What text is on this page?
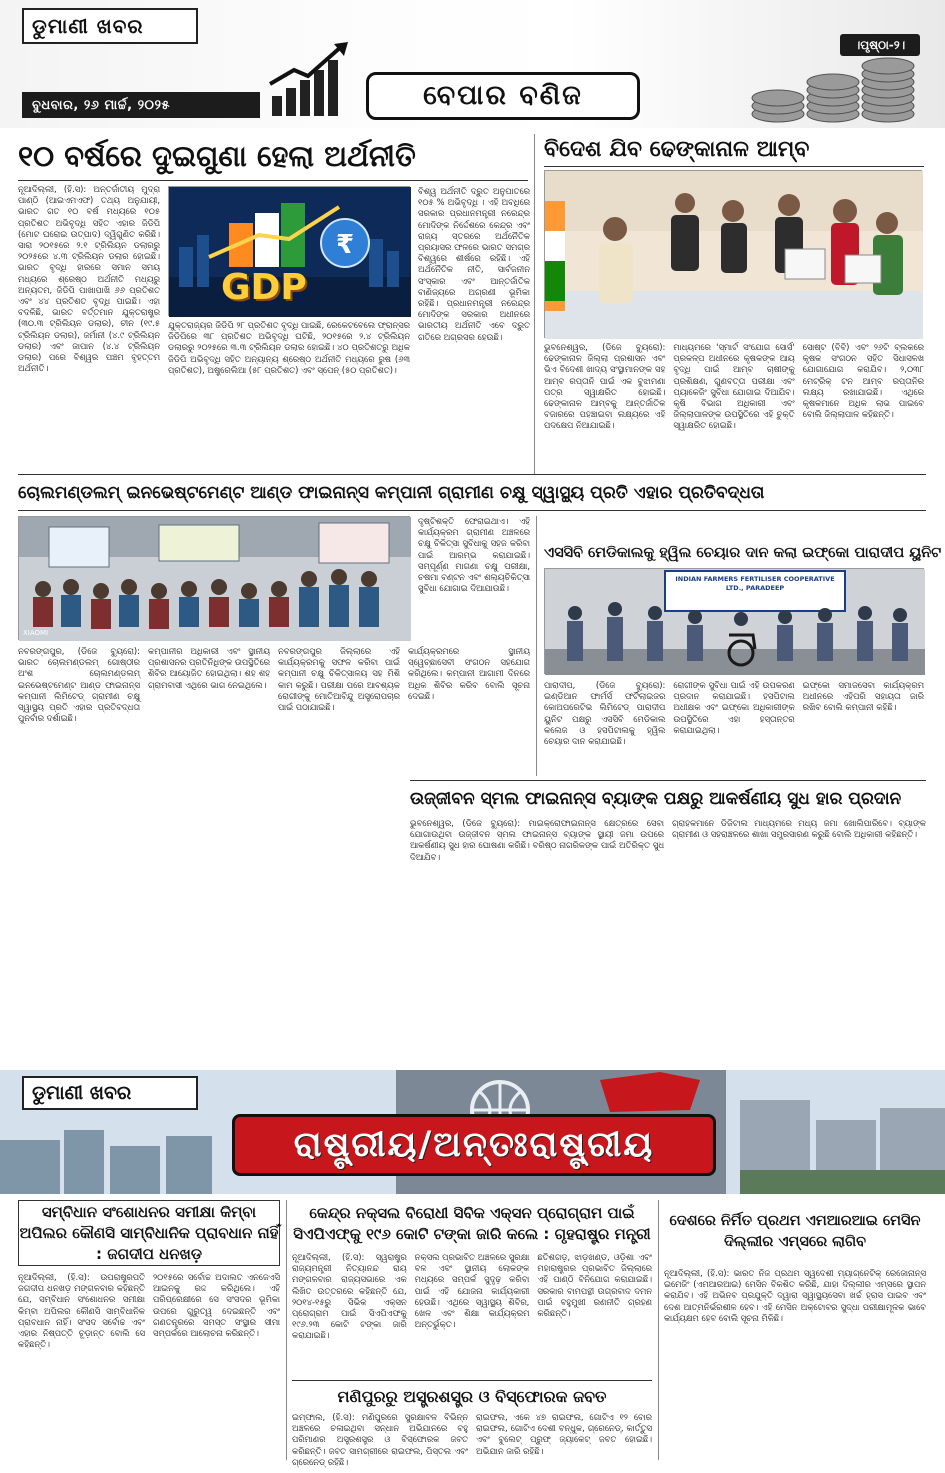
ଡୁମାଣୀ ଖବର
ବୁଧବାର, ୨୬ ମାର୍ଚ୍ଚ, ୨୦୨୫	ବେପାର ବଣିଜ
।ପୃଷ୍ଠା-୨।
୧୦ ବର୍ଷରେ ଦୁଇଗୁଣା ହେଲା ଅର୍ଥନୀତି
ନୂଆଦିଲ୍ଲୀ, (ହି.ସ): ଅନ୍ତର୍ଜାତୀୟ ମୁଦ୍ରା ପାଣ୍ଠି (ଆଇଏମଏଫ) ତଥ୍ୟ ଅନୁଯାୟୀ, ଭାରତ ଗତ ୧୦ ବର୍ଷ ମଧ୍ୟରେ ୧୦୫ ପ୍ରତିଶତ ଅଭିବୃଦ୍ଧି ସହିତ ଏହାର ଜିଡିପି (ମୋଟ ଘରୋଇ ଉତ୍ପାଦ) ଦ୍ୱିଗୁଣିତ କରିଛି। ସାରା ୨୦୧୫ରେ ୨.୧ ଟ୍ରିଲିୟନ ଡଲାରରୁ ୨୦୨୫ରେ ୪.୩ ଟ୍ରିଲିୟନ ଡଲାର ହୋଇଛି। ଭାରତ ବୃଦ୍ଧି ହାରରେ ସମାନ ସମୟ ମଧ୍ୟରେ ଶ୍ରେଷ୍ଠ ଅର୍ଥନୀତି ମଧ୍ୟରୁ ଅନ୍ୟତମ, ଜିଡିପି ପାଖାପାଖି ୬୬ ପ୍ରତିଶତ ଏବଂ ୪୪ ପ୍ରତିଶତ ବୃଦ୍ଧି ପାଇଛି। ଏହା ବଦଳିଛି, ଭାରତ ବର୍ତ୍ତମାନ ଯୁକ୍ତରାଷ୍ଟ୍ର (୩୦.୩ ଟ୍ରିଲିୟନ ଡଲାର), ଚୀନ (୧୯.୫ ଟ୍ରିଲିୟନ ଡଲାର), ଜର୍ମାନୀ (୪.୯ ଟ୍ରିଲିୟନ ଡଲାର) ଏବଂ ଜାପାନ (୪.୪ ଟ୍ରିଲିୟନ ଡଲାର) ପରେ ବିଶ୍ୱର ପଞ୍ଚମ ବୃହତ୍ତମ ଅର୍ଥନୀତି।
₹
GDP
ଯୁକ୍ତରାଜ୍ୟର ଜିଡିପି ୨୮ ପ୍ରତିଶତ ବୃଦ୍ଧି ପାଇଛି, ରେକେଟବେଲେ ଫ୍ରାନ୍ସର ଜିଡିପିରେ ୩୮ ପ୍ରତିଶତ ଅଭିବୃଦ୍ଧି ଘଟିଛି, ୨୦୧୫ରେ ୨.୪ ଟ୍ରିଲିୟନ ଡଲାରରୁ ୨୦୨୫ରେ ୩.୩ ଟ୍ରିଲିୟନ ଡଲାର ହୋଇଛି। ୪୦ ପ୍ରତିଶତରୁ ଅଧିକ ଜିଡିପି ଅଭିବୃଦ୍ଧି ସହିତ ଅନ୍ୟାନ୍ୟ ଶ୍ରେଷ୍ଠ ଅର୍ଥନୀତି ମଧ୍ୟରେ ରୁଷ (୬୩ ପ୍ରତିଶତ), ଅଷ୍ଟ୍ରେଲିଆ (୫୮ ପ୍ରତିଶତ) ଏବଂ ସ୍ପେନ୍ (୫୦ ପ୍ରତିଶତ)।
ବିଶ୍ୱ ଅର୍ଥନୀତି ଦ୍ରୁତ ଅନୁପାତରେ ୧୦୫ % ଅଭିବୃଦ୍ଧି । ଏହି ଅବଧିରେ ସରକାର ପ୍ରଧାନମନ୍ତ୍ରୀ ନରେନ୍ଦ୍ର ମୋଦିଙ୍କ ନିର୍ଦ୍ଦେଶରେ କେନ୍ଦ୍ର ଏବଂ ରାଜ୍ୟ ସ୍ତରରେ ଅର୍ଥନୈତିକ ପ୍ରୟାସର ଫଳରେ ଭାରତ ସମଗ୍ର ବିଶ୍ୱରେ ଶୀର୍ଷରେ ରହିଛି। ଏହି ଅର୍ଥନୈତିକ ନୀତି, ସାର୍ବଜନୀନ ସଂସ୍କାର ଏବଂ ଆନ୍ତର୍ଜାତିକ ବାଣିଜ୍ୟରେ ଅଗ୍ରଣୀ ଭୂମିକା ରହିଛି। ପ୍ରଧାନମନ୍ତ୍ରୀ ନରେନ୍ଦ୍ର ମୋଦିଙ୍କ ସରକାର ଅଧୀନରେ ଭାରତୀୟ ଅର୍ଥନୀତି ଏବେ ଦ୍ରୁତ ଗତିରେ ଅଗ୍ରସର ହେଉଛି।
ବିଦେଶ ଯିବ ଢେଙ୍କାନାଳ ଆମ୍ବ
ଭୁବନେଶ୍ୱର, (ଡିଜେ ବ୍ୟୁରୋ): ଢେଙ୍କାନାଳ ଜିଲ୍ଲା ପ୍ରଶାସନ ଏବଂ ଭିଏ ବିଦେଶୀ ଖାଦ୍ୟ ସଂସ୍ଥାମାନଙ୍କ ସହ ଆମ୍ବ ରପ୍ତାନି ପାଇଁ ଏକ ବୁଝାମଣା ପତ୍ର ସ୍ୱାକ୍ଷରିତ ହୋଇଛି। ଢେଙ୍କାନାଳ ଆମ୍ବକୁ ଆନ୍ତର୍ଜାତିକ ବଜାରରେ ପହଞ୍ଚାଇବା ଲକ୍ଷ୍ୟରେ ଏହି ପଦକ୍ଷେପ ନିଆଯାଇଛି।
ମାଧ୍ୟମରେ 'ସ୍ମାର୍ଟ ସଂଯୋଗ ସୋର୍ସ' ପ୍ରକଳ୍ପ ଅଧୀନରେ କୃଷକଙ୍କ ଆୟ ବୃଦ୍ଧି ପାଇଁ ଆମ୍ବ ଚାଷୀଙ୍କୁ ପ୍ରଶିକ୍ଷଣ, ଗୁଣବତ୍ତା ପରୀକ୍ଷା ଏବଂ ପ୍ୟାକେଜିଂ ସୁବିଧା ଯୋଗାଇ ଦିଆଯିବ। କୃଷି ବିଭାଗ ଅଧିକାରୀ ଏବଂ ଜିଲ୍ଲାପାଳଙ୍କ ଉପସ୍ଥିତିରେ ଏହି ଚୁକ୍ତି ସ୍ୱାକ୍ଷରିତ ହୋଇଛି।
ସୋଷ୍ଟ (ବିବି) ଏବଂ ୨୬ଟି ବ୍ଲକରେ କୃଷକ ସଂଗଠନ ସହିତ ସିଧାସଳଖ ଯୋଗାଯୋଗ କରାଯିବ। ୨,୦୩୮ ମେଟ୍ରିକ୍ ଟନ ଆମ୍ବ ରପ୍ତାନିର ଲକ୍ଷ୍ୟ ରଖାଯାଇଛି। ଏଥିରେ କୃଷକମାନେ ଅଧିକ ଲାଭ ପାଇବେ ବୋଲି ଜିଲ୍ଲାପାଳ କହିଛନ୍ତି।
ଚୋଲମଣ୍ଡଲମ୍ ଇନଭେଷ୍ଟମେଣ୍ଟ ଆଣ୍ଡ ଫାଇନାନ୍ସ କମ୍ପାନୀ ଗ୍ରାମୀଣ ଚକ୍ଷୁ ସ୍ୱାସ୍ଥ୍ୟ ପ୍ରତି ଏହାର ପ୍ରତିବଦ୍ଧତା
XIAOMI
ଦୃଷ୍ଟିଶକ୍ତି ଫେରାଇଥାଏ। ଏହି କାର୍ଯ୍ୟକ୍ରମ ଗ୍ରାମୀଣ ଅଞ୍ଚଳରେ ଚକ୍ଷୁ ଚିକିତ୍ସା ସୁବିଧାକୁ ସହଜ କରିବା ପାଇଁ ଆରମ୍ଭ କରାଯାଇଛି। ସମ୍ପୂର୍ଣ୍ଣ ମାଗଣା ଚକ୍ଷୁ ପରୀକ୍ଷା, ଚଷମା ବଣ୍ଟନ ଏବଂ ଶଲ୍ୟଚିକିତ୍ସା ସୁବିଧା ଯୋଗାଇ ଦିଆଯାଉଛି।
ନବରଙ୍ଗପୁର, (ଡିଜେ ବ୍ୟୁରୋ): ଭାରତ ଚୋଲମଣ୍ଡଲମ୍ ଗୋଷ୍ଠୀର ଅଂଶ ଚୋଲମଣ୍ଡଲମ୍ ଇନଭେଷ୍ଟମେଣ୍ଟ ଆଣ୍ଡ ଫାଇନାନ୍ସ କମ୍ପାନୀ ଲିମିଟେଡ୍ ଗ୍ରାମୀଣ ଚକ୍ଷୁ ସ୍ୱାସ୍ଥ୍ୟ ପ୍ରତି ଏହାର ପ୍ରତିବଦ୍ଧତା ପୁନର୍ବାର ଦର୍ଶାଇଛି।
କମ୍ପାନୀର ଅଧିକାରୀ ଏବଂ ସ୍ଥାନୀୟ ପ୍ରଶାସନର ପ୍ରତିନିଧିଙ୍କ ଉପସ୍ଥିତିରେ ଶିବିର ଆୟୋଜିତ ହୋଇଥିଲା। ଶହ ଶହ ଗ୍ରାମବାସୀ ଏଥିରେ ଭାଗ ନେଇଥିଲେ।
ନବରଙ୍ଗପୁର ଜିଲ୍ଲାରେ ଏହି କାର୍ଯ୍ୟକ୍ରମକୁ ସଫଳ କରିବା ପାଇଁ କମ୍ପାନୀ ଚକ୍ଷୁ ଚିକିତ୍ସାଳୟ ସହ ମିଶି କାମ କରୁଛି। ପରୀକ୍ଷା ପରେ ଆବଶ୍ୟକ ରୋଗୀଙ୍କୁ ମୋତିଆବିନ୍ଦୁ ଅସ୍ତ୍ରୋପଚାର ପାଇଁ ପଠାଯାଇଛି।
କାର୍ଯ୍ୟକ୍ରମରେ ସ୍ଥାନୀୟ ସ୍ୱେଚ୍ଛାସେବୀ ସଂଗଠନ ସହଯୋଗ କରିଥିଲେ। କମ୍ପାନୀ ଆଗାମୀ ଦିନରେ ଅଧିକ ଶିବିର କରିବ ବୋଲି ସୂଚନା ଦେଇଛି।
ଏସସିବି ମେଡିକାଲକୁ ହ୍ୱିଲ ଚେୟାର ଦାନ କଲା ଇଫ୍‌କୋ ପାରାଦୀପ ୟୁନିଟ
INDIAN FARMERS FERTILISER COOPERATIVE LTD., PARADEEP
ପାରାଦୀପ, (ଡିଜେ ବ୍ୟୁରୋ): ଇଣ୍ଡିଆନ ଫାର୍ମର୍ସ ଫର୍ଟିଲାଇଜର କୋଅପରେଟିଭ ଲିମିଟେଡ୍ ପାରାଦୀପ ୟୁନିଟ ପକ୍ଷରୁ ଏସସିବି ମେଡିକାଲ କଲେଜ ଓ ହସପିଟାଲକୁ ହ୍ୱିଲ ଚେୟାର ଦାନ କରାଯାଇଛି।
ରୋଗୀଙ୍କ ସୁବିଧା ପାଇଁ ଏହି ଉପକରଣ ପ୍ରଦାନ କରାଯାଇଛି। ହସପିଟାଲ ଅଧୀକ୍ଷକ ଏବଂ ଇଫ୍‌କୋ ଅଧିକାରୀଙ୍କ ଉପସ୍ଥିତିରେ ଏହା ହସ୍ତାନ୍ତର କରାଯାଇଥିଲା।
ଇଫ୍‌କୋ ସମାଜସେବା କାର୍ଯ୍ୟକ୍ରମ ଅଧୀନରେ ଏହିପରି ସହାୟତା ଜାରି ରଖିବ ବୋଲି କମ୍ପାନୀ କହିଛି।
ଉଜ୍ଜୀବନ ସ୍ମଲ ଫାଇନାନ୍ସ ବ୍ୟାଙ୍କ ପକ୍ଷରୁ ଆକର୍ଷଣୀୟ ସୁଧ ହାର ପ୍ରଦାନ
ଭୁବନେଶ୍ୱର, (ଡିଜେ ବ୍ୟୁରୋ): ମାଇକ୍ରୋଫାଇନାନ୍ସ କ୍ଷେତ୍ରରେ ସେବା ଯୋଗାଉଥିବା ଉଜ୍ଜୀବନ ସ୍ମଲ ଫାଇନାନ୍ସ ବ୍ୟାଙ୍କ ସ୍ଥାୟୀ ଜମା ଉପରେ ଆକର୍ଷଣୀୟ ସୁଧ ହାର ଘୋଷଣା କରିଛି। ବରିଷ୍ଠ ନାଗରିକଙ୍କ ପାଇଁ ଅତିରିକ୍ତ ସୁଧ ଦିଆଯିବ।
ଗ୍ରାହକମାନେ ଡିଜିଟାଲ ମାଧ୍ୟମରେ ମଧ୍ୟ ଜମା ଖୋଲିପାରିବେ। ବ୍ୟାଙ୍କ ଗ୍ରାମୀଣ ଓ ସହରାଞ୍ଚଳରେ ଶାଖା ସମ୍ପ୍ରସାରଣ କରୁଛି ବୋଲି ଅଧିକାରୀ କହିଛନ୍ତି।
ଡୁମାଣୀ ଖବର
ରାଷ୍ଟ୍ରୀୟ/ଅନ୍ତଃରାଷ୍ଟ୍ରୀୟ
ସମ୍ବିଧାନ ସଂଶୋଧନର ସମୀକ୍ଷା କିମ୍ବା ଅପିଲର କୌଣସି ସାମ୍ବିଧାନିକ ପ୍ରାବଧାନ ନାହିଁ : ଜଗଦୀପ ଧନଖଡ଼
ନୂଆଦିଲ୍ଲୀ, (ହି.ସ): ଉପରାଷ୍ଟ୍ରପତି ଜଗଦୀପ ଧନଖଡ଼ ମଙ୍ଗଳବାର କହିଛନ୍ତି ଯେ, ସମ୍ବିଧାନ ସଂଶୋଧନର ସମୀକ୍ଷା କିମ୍ବା ଅପିଲର କୌଣସି ସାମ୍ବିଧାନିକ ପ୍ରାବଧାନ ନାହିଁ। ସଂସଦ ସର୍ବୋଚ୍ଚ ଏବଂ ଏହାର ନିଷ୍ପତ୍ତି ଚୂଡ଼ାନ୍ତ ବୋଲି ସେ କହିଛନ୍ତି।
୨୦୧୫ରେ ସର୍ବୋଚ୍ଚ ଅଦାଲତ ଏନଜେଏସି ଆଇନକୁ ରଦ୍ଦ କରିଥିଲେ। ଏହି ପରିପ୍ରେକ୍ଷୀରେ ସେ ସଂସଦର ଭୂମିକା ଉପରେ ଗୁରୁତ୍ୱ ଦେଇଛନ୍ତି ଏବଂ ଗଣତନ୍ତ୍ରରେ ସମସ୍ତ ସଂସ୍ଥାର ସୀମା ସମ୍ପର୍କରେ ଆଲୋଚନା କରିଛନ୍ତି।
କେନ୍ଦ୍ର ନକ୍ସଲ ବିରୋଧୀ ସିବିକ ଏକ୍ସନ ପ୍ରୋଗ୍ରାମ ପାଇଁ ସିଏପିଏଫ୍‌କୁ ୧୯୬ କୋଟି ଟଙ୍କା ଜାରି କଲେ : ଗୃହରାଷ୍ଟ୍ର ମନ୍ତ୍ରୀ
ନୂଆଦିଲ୍ଲୀ, (ହି.ସ): ସ୍ୱରାଷ୍ଟ୍ର ରାଜ୍ୟମନ୍ତ୍ରୀ ନିତ୍ୟାନନ୍ଦ ରାୟ ମଙ୍ଗଳବାର ରାଜ୍ୟସଭାରେ ଏକ ଲିଖିତ ଉତ୍ତରରେ କହିଛନ୍ତି ଯେ, ୨୦୧୪-୧୫ରୁ ସିଭିକ ଏକ୍ସନ ପ୍ରୋଗ୍ରାମ ପାଇଁ ସିଏପିଏଫକୁ ୧୯୬.୨୩ କୋଟି ଟଙ୍କା ଜାରି କରାଯାଇଛି।
ନକ୍ସଲ ପ୍ରଭାବିତ ଅଞ୍ଚଳରେ ସୁରକ୍ଷା ବଳ ଏବଂ ସ୍ଥାନୀୟ ଲୋକଙ୍କ ମଧ୍ୟରେ ସମ୍ପର୍କ ସୁଦୃଢ଼ କରିବା ପାଇଁ ଏହି ଯୋଜନା କାର୍ଯ୍ୟକାରୀ ହେଉଛି। ଏଥିରେ ସ୍ୱାସ୍ଥ୍ୟ ଶିବିର, ଖେଳ ଏବଂ ଶିକ୍ଷା କାର୍ଯ୍ୟକ୍ରମ ଅନ୍ତର୍ଭୁକ୍ତ।
ଛତିଶଗଡ଼, ଝାଡ଼ଖଣ୍ଡ, ଓଡ଼ିଶା ଏବଂ ମହାରାଷ୍ଟ୍ରର ପ୍ରଭାବିତ ଜିଲ୍ଲାରେ ଏହି ପାଣ୍ଠି ବିନିଯୋଗ କରାଯାଇଛି। ସରକାର ବାମପନ୍ଥୀ ଉଗ୍ରବାଦ ଦମନ ପାଇଁ ବହୁମୁଖୀ ରଣନୀତି ଗ୍ରହଣ କରିଛନ୍ତି।
ମଣିପୁରରୁ ଅସ୍ତ୍ରଶସ୍ତ୍ର ଓ ବିସ୍ଫୋରକ ଜବତ
ଇମ୍ଫାଲ, (ହି.ସ): ମଣିପୁରରେ ସୁରକ୍ଷାବଳ ବିଭିନ୍ନ ଅଞ୍ଚଳରେ ଚଳାଇଥିବା ସନ୍ଧାନ ଅଭିଯାନରେ ବହୁ ପରିମାଣର ଅସ୍ତ୍ରଶସ୍ତ୍ର ଓ ବିସ୍ଫୋରକ ଜବତ କରିଛନ୍ତି। ଜବତ ସାମଗ୍ରୀରେ ରାଇଫଲ, ପିସ୍ତଲ ଏବଂ ଗ୍ରେନେଡ୍ ରହିଛି।
ରାଇଫଲ, ଏକେ ୪୭ ରାଇଫଲ, ଗୋଟିଏ ୧୨ ବୋର ରାଇଫଲ, ଗୋଟିଏ ଦେଶୀ ବନ୍ଧୁକ, ଗ୍ରେନେଡ୍, କାର୍ତ୍ତୁସ ଏବଂ ବୁଲେଟ୍ ପ୍ରୁଫ୍ ଜ୍ୟାକେଟ୍ ଜବତ ହୋଇଛି। ଅଭିଯାନ ଜାରି ରହିଛି।
ଦେଶରେ ନିର୍ମିତ ପ୍ରଥମ ଏମଆରଆଇ ମେସିନ ଦିଲ୍ଲୀର ଏମ୍ସରେ ଲାଗିବ
ନୂଆଦିଲ୍ଲୀ, (ହି.ସ): ଭାରତ ନିଜ ପ୍ରଥମ ସ୍ୱଦେଶୀ ମ୍ୟାଗ୍ନେଟିକ୍ ରେଜୋନାନ୍ସ ଇମେଜିଂ (ଏମଆରଆଇ) ମେସିନ ବିକଶିତ କରିଛି, ଯାହା ଦିଲ୍ଲୀର ଏମ୍ସରେ ସ୍ଥାପନ କରାଯିବ। ଏହି ଅଭିନବ ପ୍ରଯୁକ୍ତି ଦ୍ୱାରା ସ୍ୱାସ୍ଥ୍ୟସେବା ଖର୍ଚ୍ଚ ହ୍ରାସ ପାଇବ ଏବଂ ଦେଶ ଆତ୍ମନିର୍ଭରଶୀଳ ହେବ। ଏହି ମେସିନ ଅକ୍ଟୋବର ସୁଦ୍ଧା ପରୀକ୍ଷାମୂଳକ ଭାବେ କାର୍ଯ୍ୟକ୍ଷମ ହେବ ବୋଲି ସୂଚନା ମିଳିଛି।
